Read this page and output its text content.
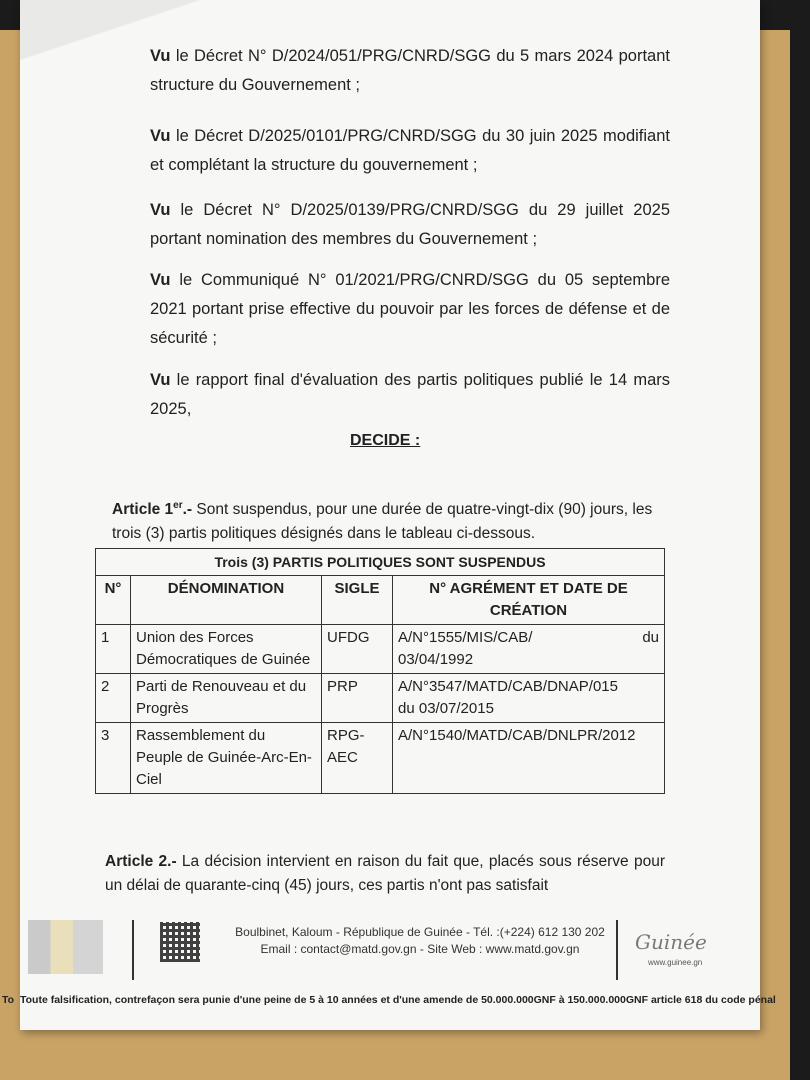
Vu le Décret N° D/2024/051/PRG/CNRD/SGG du 5 mars 2024 portant structure du Gouvernement ;

Vu le Décret D/2025/0101/PRG/CNRD/SGG du 30 juin 2025 modifiant et complétant la structure du gouvernement ;

Vu le Décret N° D/2025/0139/PRG/CNRD/SGG du 29 juillet 2025 portant nomination des membres du Gouvernement ;

Vu le Communiqué N° 01/2021/PRG/CNRD/SGG du 05 septembre 2021 portant prise effective du pouvoir par les forces de défense et de sécurité ;

Vu le rapport final d'évaluation des partis politiques publié le 14 mars 2025,

DECIDE :
Article 1er.- Sont suspendus, pour une durée de quatre-vingt-dix (90) jours, les trois (3) partis politiques désignés dans le tableau ci-dessous.
Trois (3) PARTIS POLITIQUES SONT SUSPENDUS			
N°	DÉNOMINATION	SIGLE	N° AGRÉMENT ET DATE DE CRÉATION
1	Union des Forces Démocratiques de Guinée	UFDG	A/N°1555/MIS/CAB/ du
03/04/1992

2	Parti de Renouveau et du Progrès	PRP	A/N°3547/MATD/CAB/DNAP/015
du 03/07/2015

3	Rassemblement du Peuple de Guinée-Arc-En-Ciel	RPG-AEC	A/N°1540/MATD/CAB/DNLPR/2012
Article 2.- La décision intervient en raison du fait que, placés sous réserve pour un délai de quarante-cinq (45) jours, ces partis n'ont pas satisfait
Boulbinet, Kaloum - République de Guinée - Tél. :(+224) 612 130 202
Email : contact@matd.gov.gn - Site Web : www.matd.gov.gn	Guinée
www.guinee.gn
To Toute falsification, contrefaçon sera punie d'une peine de 5 à 10 années et d'une amende de 50.000.000GNF à 150.000.000GNF article 618 du code pénal
